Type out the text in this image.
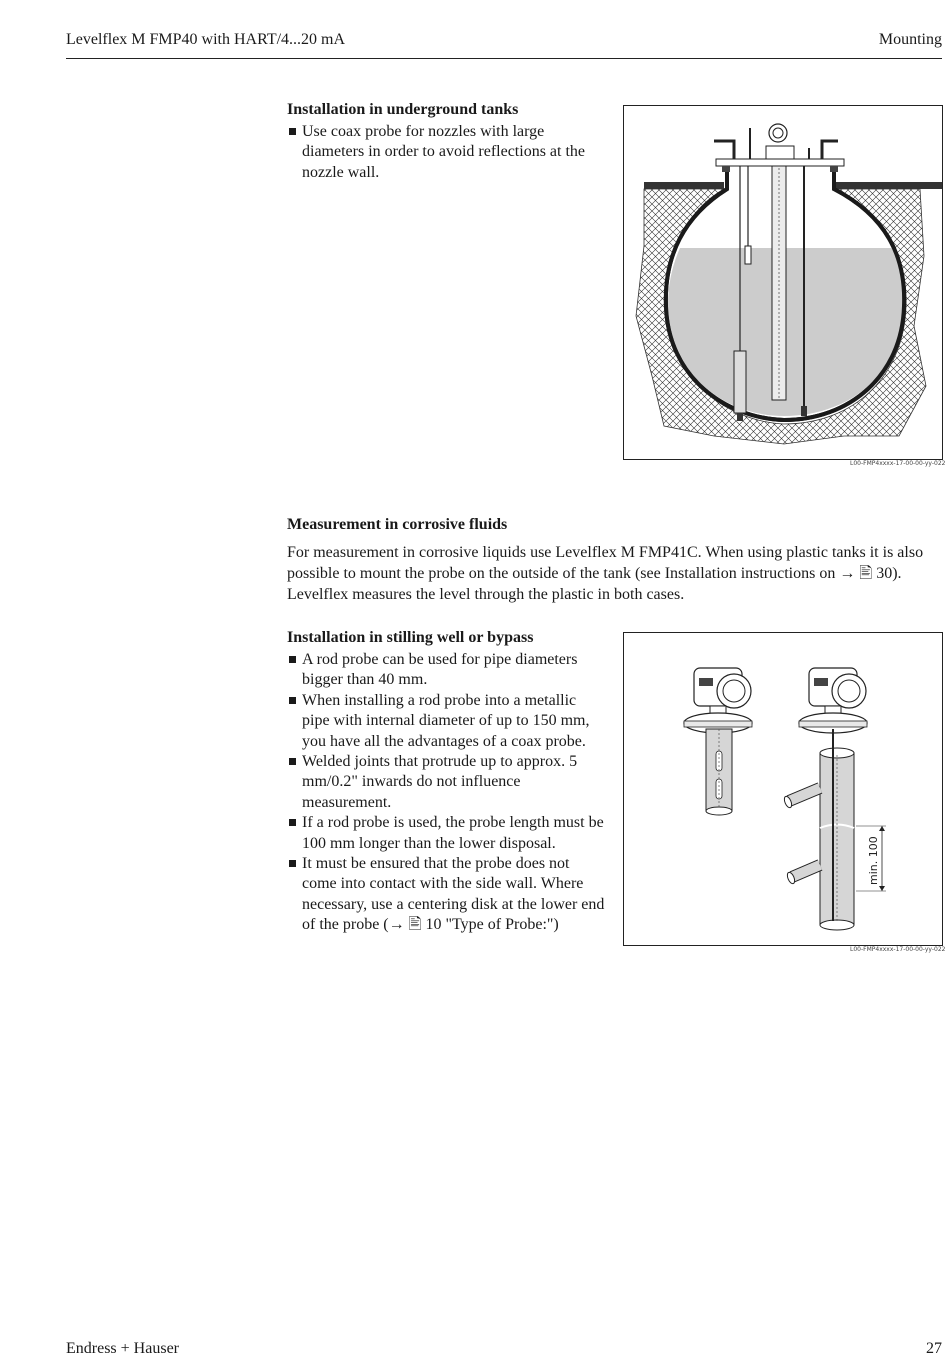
Levelflex M FMP40 with HART/4...20 mA	Mounting
Installation in underground tanks
Use coax probe for nozzles with large diameters in order to avoid reflections at the nozzle wall.
L00-FMP4xxxx-17-00-00-yy-022
Measurement in corrosive fluids

For measurement in corrosive liquids use Levelflex M FMP41C. When using plastic tanks it is also possible to mount the probe on the outside of the tank (see Installation instructions on → 🖹 30). Levelflex measures the level through the plastic in both cases.

Installation in stilling well or bypass
A rod probe can be used for pipe diameters bigger than 40 mm.
When installing a rod probe into a metallic pipe with internal diameter of up to 150 mm, you have all the advantages of a coax probe.
Welded joints that protrude up to approx. 5 mm/0.2" inwards do not influence measurement.
If a rod probe is used, the probe length must be 100 mm longer than the lower disposal.
It must be ensured that the probe does not come into contact with the side wall. Where necessary, use a centering disk at the lower end of the probe (→ 🖹 10 "Type of Probe:")
min. 100
L00-FMP4xxxx-17-00-00-yy-022
Endress + Hauser	27
